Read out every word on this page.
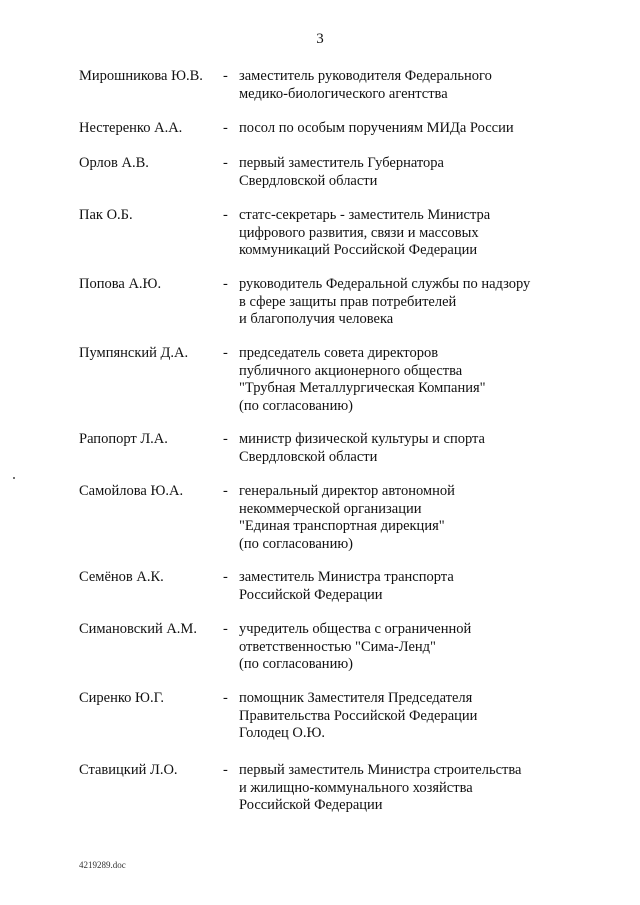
3
Мирошникова Ю.В. - заместитель руководителя Федерального
медико-биологического агентства
Нестеренко А.А.	- посол по особым поручениям МИДа России
Орлов А.В.	- первый заместитель Губернатора
Свердловской области
Пак О.Б.	- статс-секретарь - заместитель Министра
цифрового развития, связи и массовых
коммуникаций Российской Федерации
Попова А.Ю.	- руководитель Федеральной службы по надзору
в сфере защиты прав потребителей
и благополучия человека
Пумпянский Д.А. - председатель совета директоров
публичного акционерного общества
"Трубная Металлургическая Компания"
(по согласованию)
Рапопорт Л.А.	- министр физической культуры и спорта
Свердловской области
Самойлова Ю.А.	- генеральный директор автономной
некоммерческой организации
"Единая транспортная дирекция"
(по согласованию)
Семёнов А.К.	- заместитель Министра транспорта
Российской Федерации
Симановский А.М. - учредитель общества с ограниченной
ответственностью "Сима-Ленд"
(по согласованию)
Сиренко Ю.Г.	- помощник Заместителя Председателя
Правительства Российской Федерации
Голодец О.Ю.
Ставицкий Л.О.	- первый заместитель Министра строительства
и жилищно-коммунального хозяйства
Российской Федерации
4219289.doc
